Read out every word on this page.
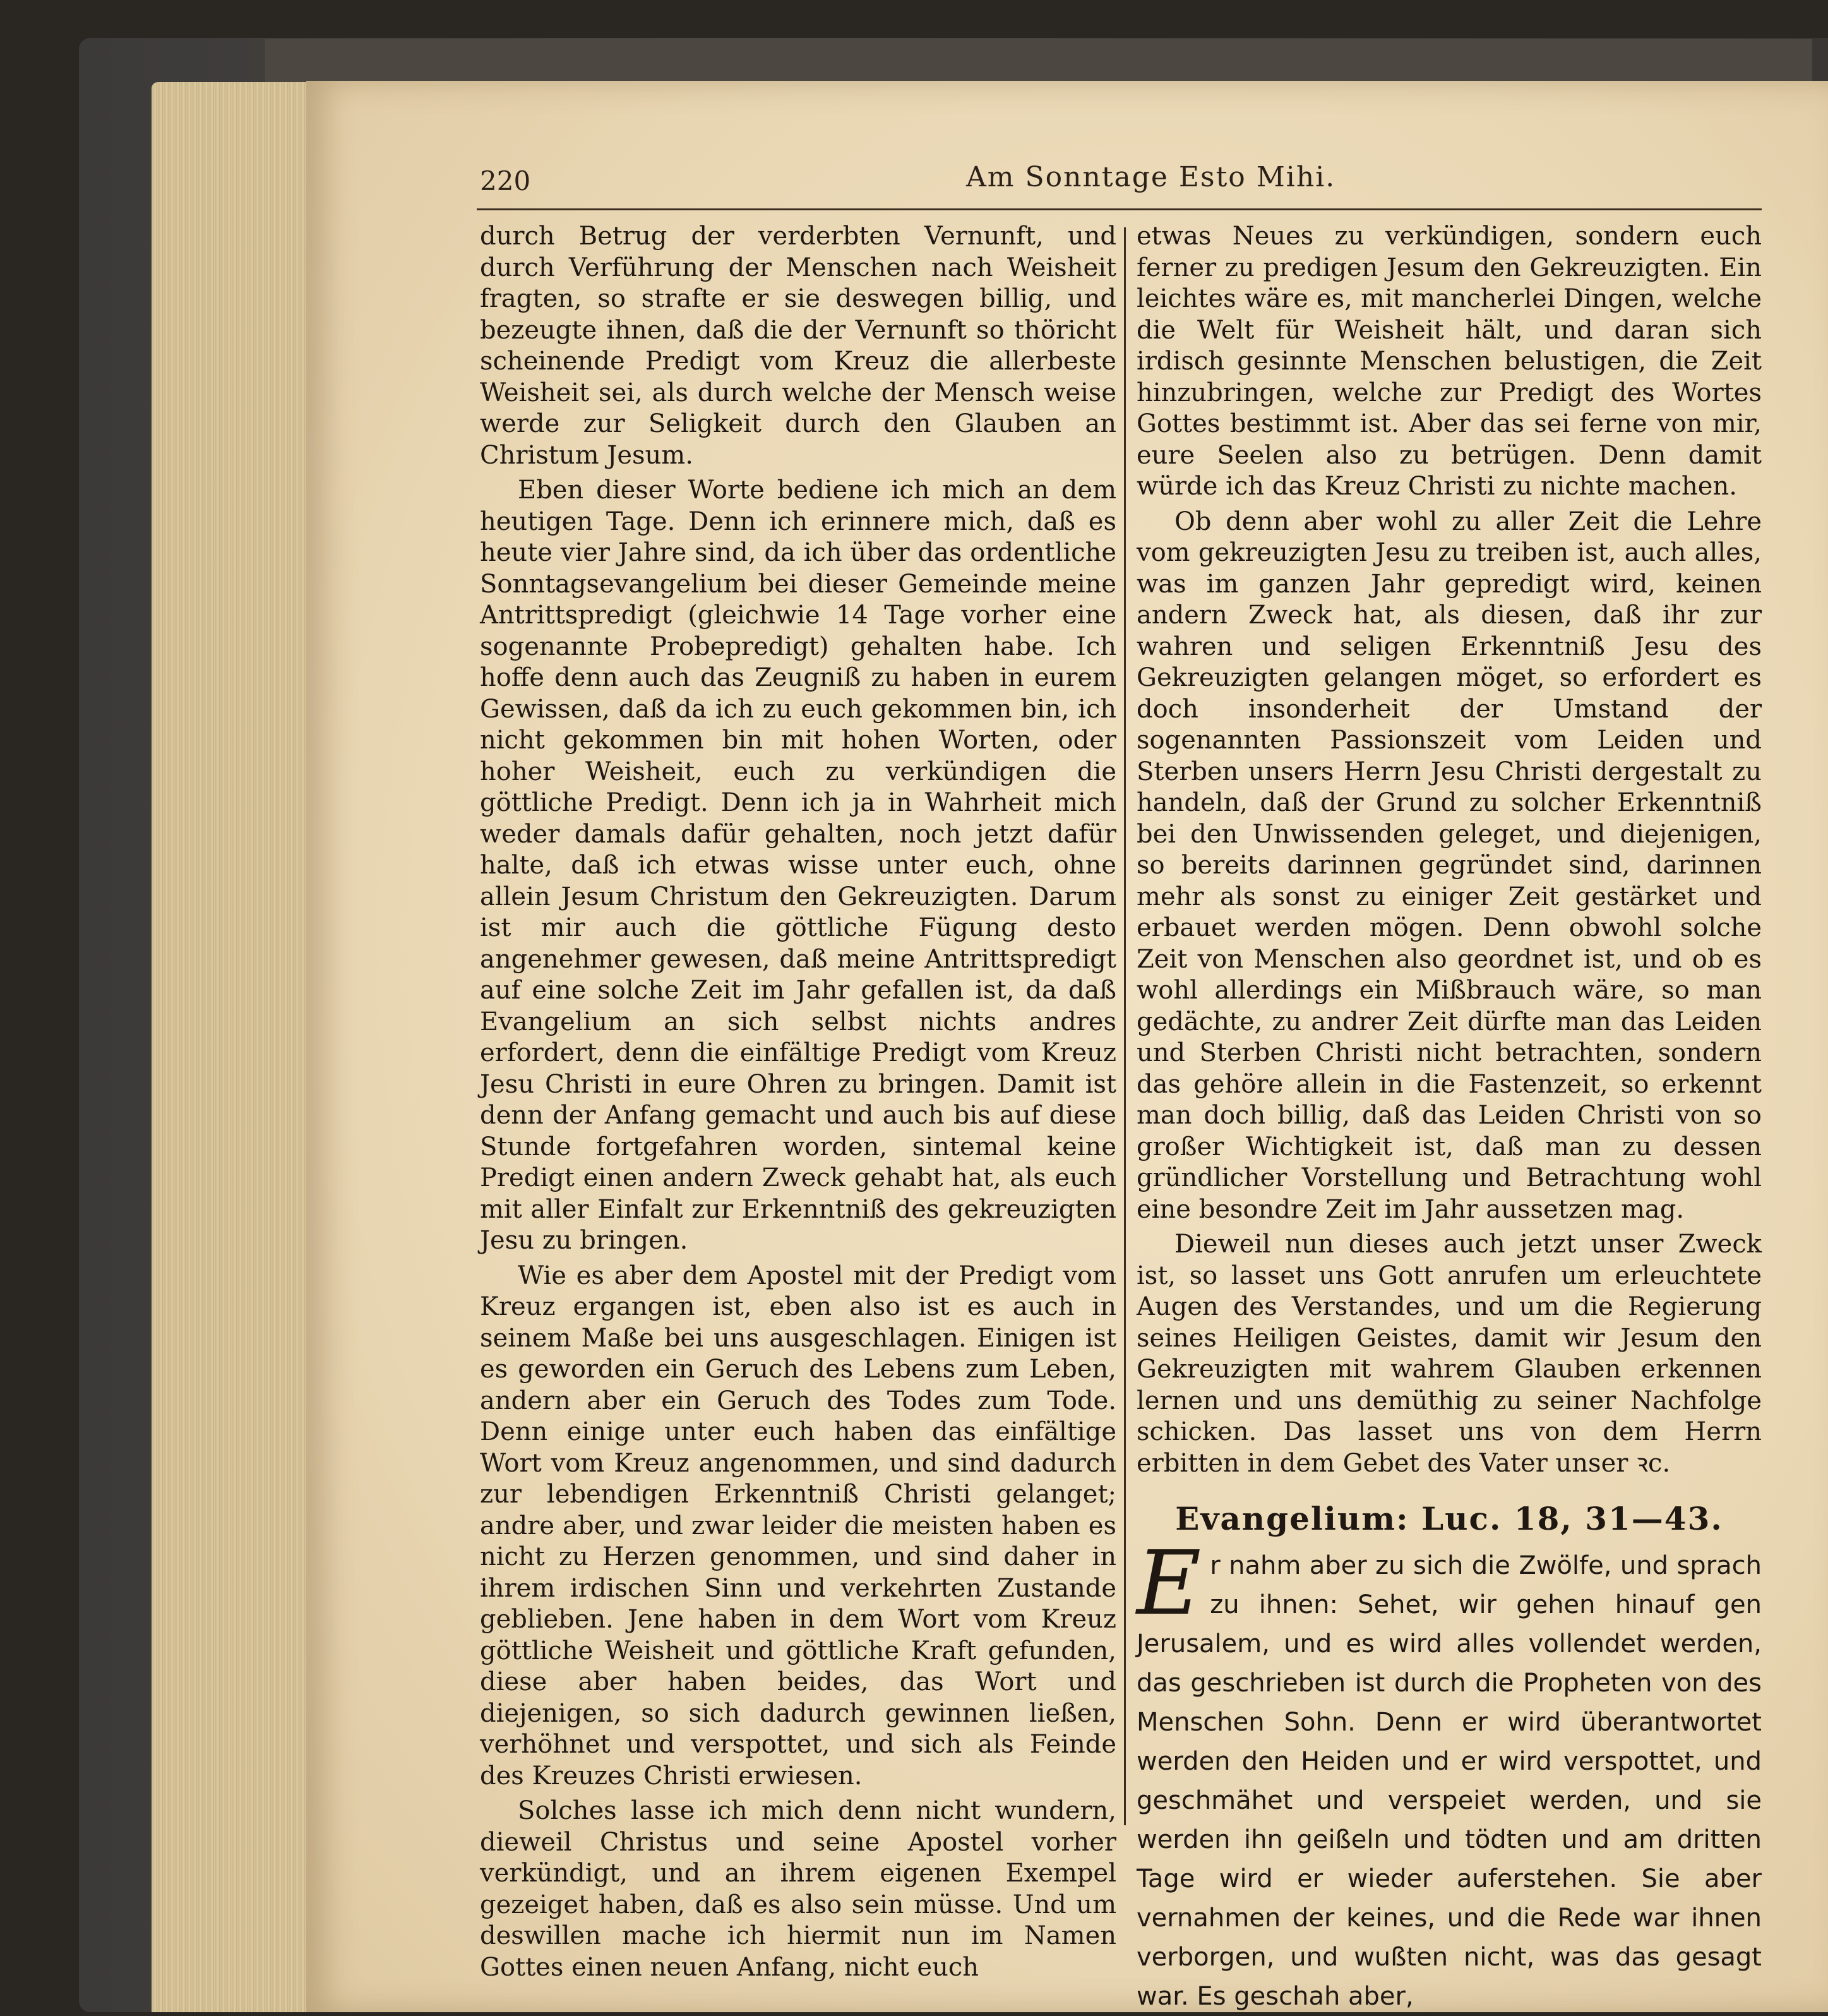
220	Am Sonntage Esto Mihi.

durch Betrug der verderbten Vernunft, und durch Verführung der Menschen nach Weisheit fragten, so strafte er sie deswegen billig, und bezeugte ihnen, daß die der Vernunft so thöricht scheinende Predigt vom Kreuz die allerbeste Weisheit sei, als durch welche der Mensch weise werde zur Seligkeit durch den Glauben an Christum Jesum.

Eben dieser Worte bediene ich mich an dem heutigen Tage. Denn ich erinnere mich, daß es heute vier Jahre sind, da ich über das ordentliche Sonntagsevangelium bei dieser Gemeinde meine Antrittspredigt (gleichwie 14 Tage vorher eine sogenannte Probepredigt) gehalten habe. Ich hoffe denn auch das Zeugniß zu haben in eurem Gewissen, daß da ich zu euch gekommen bin, ich nicht gekommen bin mit hohen Worten, oder hoher Weisheit, euch zu verkündigen die göttliche Predigt. Denn ich ja in Wahrheit mich weder damals dafür gehalten, noch jetzt dafür halte, daß ich etwas wisse unter euch, ohne allein Jesum Christum den Gekreuzigten. Darum ist mir auch die göttliche Fügung desto angenehmer gewesen, daß meine Antrittspredigt auf eine solche Zeit im Jahr gefallen ist, da daß Evangelium an sich selbst nichts andres erfordert, denn die einfältige Predigt vom Kreuz Jesu Christi in eure Ohren zu bringen. Damit ist denn der Anfang gemacht und auch bis auf diese Stunde fortgefahren worden, sintemal keine Predigt einen andern Zweck gehabt hat, als euch mit aller Einfalt zur Erkenntniß des gekreuzigten Jesu zu bringen.

Wie es aber dem Apostel mit der Predigt vom Kreuz ergangen ist, eben also ist es auch in seinem Maße bei uns ausgeschlagen. Einigen ist es geworden ein Geruch des Lebens zum Leben, andern aber ein Geruch des Todes zum Tode. Denn einige unter euch haben das einfältige Wort vom Kreuz angenommen, und sind dadurch zur lebendigen Erkenntniß Christi gelanget; andre aber, und zwar leider die meisten haben es nicht zu Herzen genommen, und sind daher in ihrem irdischen Sinn und verkehrten Zustande geblieben. Jene haben in dem Wort vom Kreuz göttliche Weisheit und göttliche Kraft gefunden, diese aber haben beides, das Wort und diejenigen, so sich dadurch gewinnen ließen, verhöhnet und verspottet, und sich als Feinde des Kreuzes Christi erwiesen.

Solches lasse ich mich denn nicht wundern, dieweil Christus und seine Apostel vorher verkündigt, und an ihrem eigenen Exempel gezeiget haben, daß es also sein müsse. Und um deswillen mache ich hiermit nun im Namen Gottes einen neuen Anfang, nicht euch

etwas Neues zu verkündigen, sondern euch ferner zu predigen Jesum den Gekreuzigten. Ein leichtes wäre es, mit mancherlei Dingen, welche die Welt für Weisheit hält, und daran sich irdisch gesinnte Menschen belustigen, die Zeit hinzubringen, welche zur Predigt des Wortes Gottes bestimmt ist. Aber das sei ferne von mir, eure Seelen also zu betrügen. Denn damit würde ich das Kreuz Christi zu nichte machen.

Ob denn aber wohl zu aller Zeit die Lehre vom gekreuzigten Jesu zu treiben ist, auch alles, was im ganzen Jahr gepredigt wird, keinen andern Zweck hat, als diesen, daß ihr zur wahren und seligen Erkenntniß Jesu des Gekreuzigten gelangen möget, so erfordert es doch insonderheit der Umstand der sogenannten Passionszeit vom Leiden und Sterben unsers Herrn Jesu Christi dergestalt zu handeln, daß der Grund zu solcher Erkenntniß bei den Unwissenden geleget, und diejenigen, so bereits darinnen gegründet sind, darinnen mehr als sonst zu einiger Zeit gestärket und erbauet werden mögen. Denn obwohl solche Zeit von Menschen also geordnet ist, und ob es wohl allerdings ein Mißbrauch wäre, so man gedächte, zu andrer Zeit dürfte man das Leiden und Sterben Christi nicht betrachten, sondern das gehöre allein in die Fastenzeit, so erkennt man doch billig, daß das Leiden Christi von so großer Wichtigkeit ist, daß man zu dessen gründlicher Vorstellung und Betrachtung wohl eine besondre Zeit im Jahr aussetzen mag.

Dieweil nun dieses auch jetzt unser Zweck ist, so lasset uns Gott anrufen um erleuchtete Augen des Verstandes, und um die Regierung seines Heiligen Geistes, damit wir Jesum den Gekreuzigten mit wahrem Glauben erkennen lernen und uns demüthig zu seiner Nachfolge schicken. Das lasset uns von dem Herrn erbitten in dem Gebet des Vater unser ꝛc.

Evangelium: Luc. 18, 31—43.
E r nahm aber zu sich die Zwölfe, und sprach zu ihnen: Sehet, wir gehen hinauf gen Jerusalem, und es wird alles vollendet werden, das geschrieben ist durch die Propheten von des Menschen Sohn. Denn er wird überantwortet werden den Heiden und er wird verspottet, und geschmähet und verspeiet werden, und sie werden ihn geißeln und tödten und am dritten Tage wird er wieder auferstehen. Sie aber vernahmen der keines, und die Rede war ihnen verborgen, und wußten nicht, was das gesagt war. Es geschah aber,
